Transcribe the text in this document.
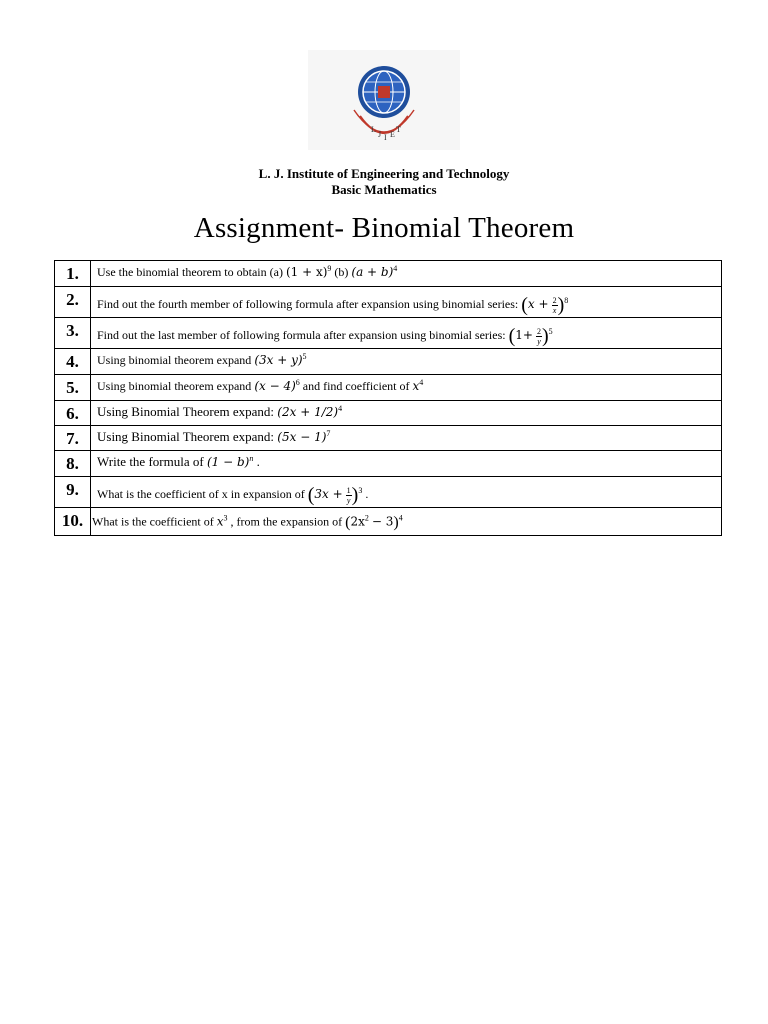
L
J I E
T
L. J. Institute of Engineering and Technology
Basic Mathematics
Assignment- Binomial Theorem
1.	Use the binomial theorem to obtain (a) $(1 + x)^9$ (b) $(a + b)^4$
2.	Find out the fourth member of following formula after expansion using binomial series: $(x + \frac{2}{x} )^8$
3.	Find out the last member of following formula after expansion using binomial series: $(1+ \frac{2}{y} )^5$
4.	Using binomial theorem expand $(3x + y)^5$
5.	Using binomial theorem expand $(x - 4)^6$ and find coefficient of $x^4$
6.	Using Binomial Theorem expand: $(2x + 1/2)^4$
7.	Using Binomial Theorem expand: $(5x - 1)^7$
8.	Write the formula of $(1 - b)^n$ .
9.	What is the coefficient of x in expansion of $(3x + \frac{1}{y} )^3$ .
10.	What is the coefficient of $x^3$ , from the expansion of $(2x^2 - 3)^4$
